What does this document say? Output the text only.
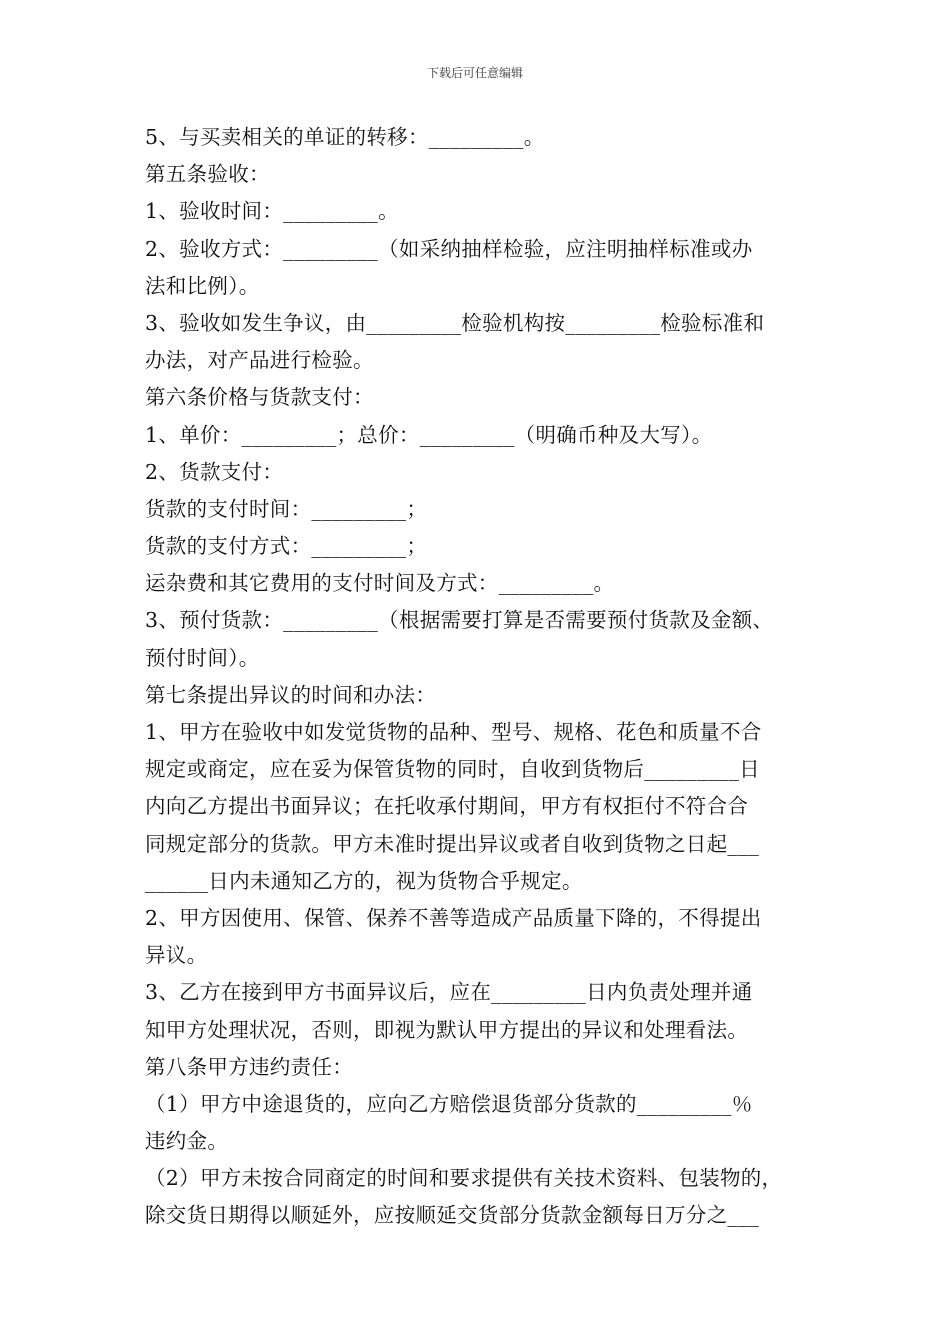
下载后可任意编辑
5、与买卖相关的单证的转移：_________。
第五条验收：
1、验收时间：_________。
2、验收方式：_________（如采纳抽样检验，应注明抽样标准或办
法和比例）。
3、验收如发生争议，由_________检验机构按_________检验标准和
办法，对产品进行检验。
第六条价格与货款支付：
1、单价：_________；总价：_________（明确币种及大写）。
2、货款支付：
货款的支付时间：_________；
货款的支付方式：_________；
运杂费和其它费用的支付时间及方式：_________。
3、预付货款：_________（根据需要打算是否需要预付货款及金额、
预付时间）。
第七条提出异议的时间和办法：
1、甲方在验收中如发觉货物的品种、型号、规格、花色和质量不合
规定或商定，应在妥为保管货物的同时，自收到货物后_________日
内向乙方提出书面异议；在托收承付期间，甲方有权拒付不符合合
同规定部分的货款。甲方未准时提出异议或者自收到货物之日起___
______日内未通知乙方的，视为货物合乎规定。
2、甲方因使用、保管、保养不善等造成产品质量下降的，不得提出
异议。
3、乙方在接到甲方书面异议后，应在_________日内负责处理并通
知甲方处理状况，否则，即视为默认甲方提出的异议和处理看法。
第八条甲方违约责任：
（1）甲方中途退货的，应向乙方赔偿退货部分货款的_________％
违约金。
（2）甲方未按合同商定的时间和要求提供有关技术资料、包装物的，
除交货日期得以顺延外，应按顺延交货部分货款金额每日万分之___
